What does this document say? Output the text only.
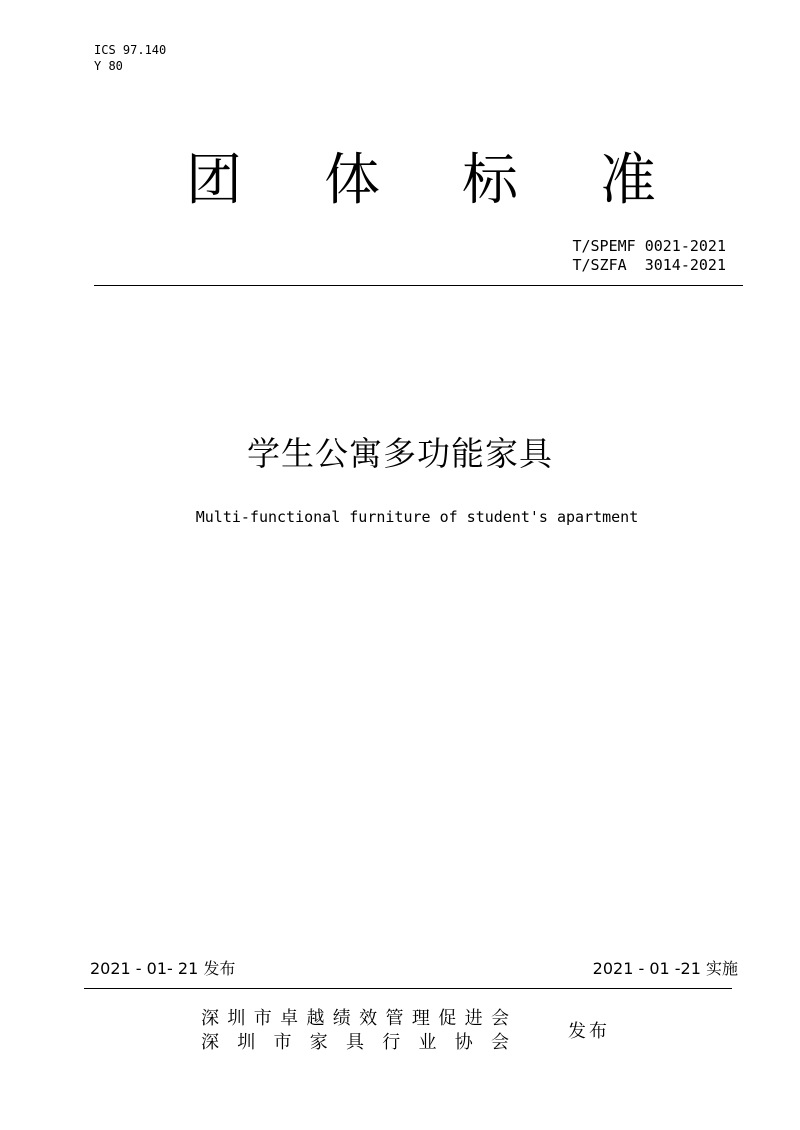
ICS 97.140
Y 80
团 体 标 准
T/SPEMF 0021-2021
T/SZFA  3014-2021
学生公寓多功能家具
Multi-functional furniture of student's apartment
2021 - 01- 21 发布	2021 - 01 -21 实施
深 圳 市 卓 越 绩 效 管 理 促 进 会
深 圳 市 家 具 行 业 协 会
发布
